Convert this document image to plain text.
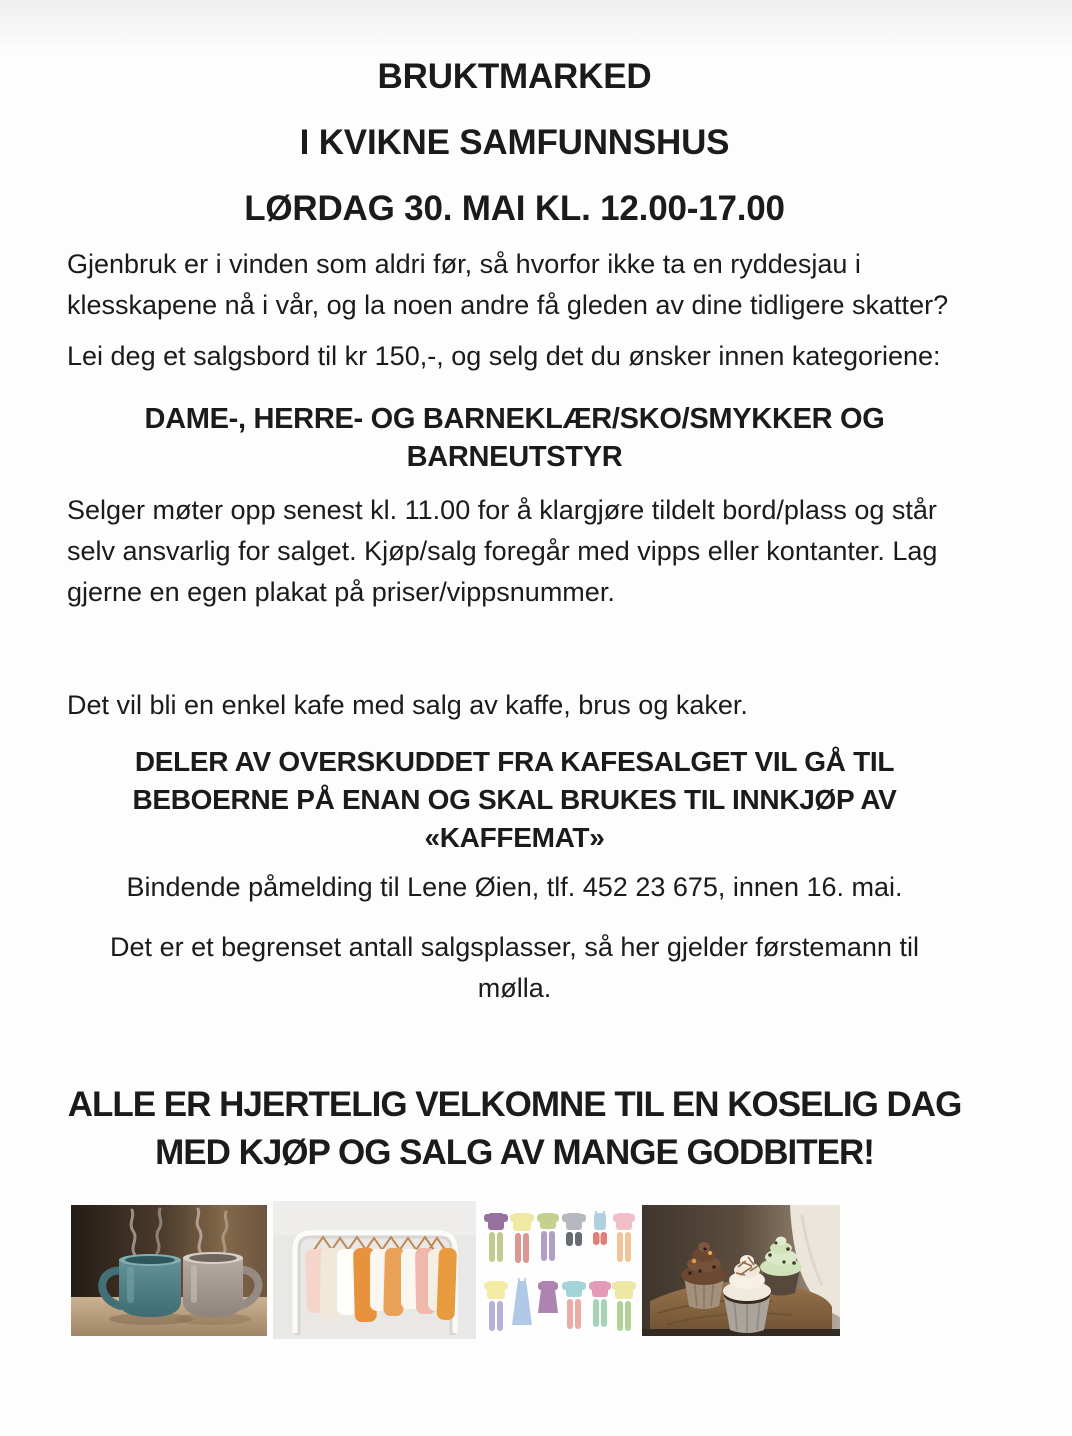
BRUKTMARKED
I KVIKNE SAMFUNNSHUS
LØRDAG 30. MAI KL. 12.00-17.00

Gjenbruk er i vinden som aldri før, så hvorfor ikke ta en ryddesjau i klesskapene nå i vår, og la noen andre få gleden av dine tidligere skatter?

Lei deg et salgsbord til kr 150,-, og selg det du ønsker innen kategoriene:

DAME-, HERRE- OG BARNEKLÆR/SKO/SMYKKER OG BARNEUTSTYR

Selger møter opp senest kl. 11.00 for å klargjøre tildelt bord/plass og står selv ansvarlig for salget. Kjøp/salg foregår med vipps eller kontanter. Lag gjerne en egen plakat på priser/vippsnummer.

Det vil bli en enkel kafe med salg av kaffe, brus og kaker.

DELER AV OVERSKUDDET FRA KAFESALGET VIL GÅ TIL BEBOERNE PÅ ENAN OG SKAL BRUKES TIL INNKJØP AV «KAFFEMAT»

Bindende påmelding til Lene Øien, tlf. 452 23 675, innen 16. mai.

Det er et begrenset antall salgsplasser, så her gjelder førstemann til mølla.

ALLE ER HJERTELIG VELKOMNE TIL EN KOSELIG DAG MED KJØP OG SALG AV MANGE GODBITER!
